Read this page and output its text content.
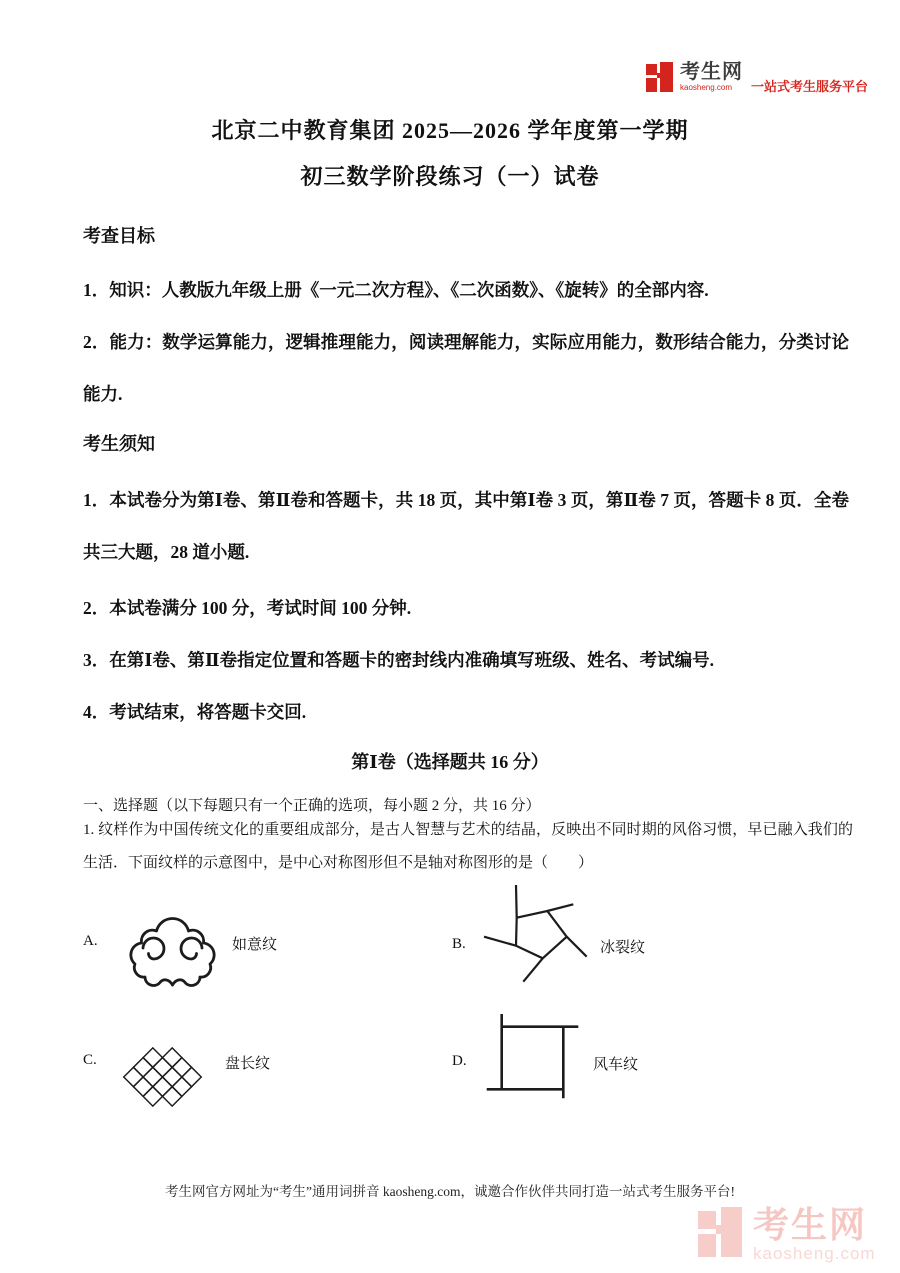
考生网
kaosheng.com	一站式考生服务平台
北京二中教育集团 2025—2026 学年度第一学期
初三数学阶段练习（一）试卷
考查目标
1．知识：人教版九年级上册《一元二次方程》、《二次函数》、《旋转》的全部内容.
2．能力：数学运算能力，逻辑推理能力，阅读理解能力，实际应用能力，数形结合能力，分类讨论能力.
考生须知
1．本试卷分为第Ⅰ卷、第Ⅱ卷和答题卡，共 18 页，其中第Ⅰ卷 3 页，第Ⅱ卷 7 页，答题卡 8 页．全卷共三大题，28 道小题.
2．本试卷满分 100 分，考试时间 100 分钟.
3．在第Ⅰ卷、第Ⅱ卷指定位置和答题卡的密封线内准确填写班级、姓名、考试编号.
4．考试结束，将答题卡交回.
第Ⅰ卷（选择题共 16 分）
一、选择题（以下每题只有一个正确的选项，每小题 2 分，共 16 分）
1. 纹样作为中国传统文化的重要组成部分，是古人智慧与艺术的结晶，反映出不同时期的风俗习惯，早已融入我们的生活．下面纹样的示意图中，是中心对称图形但不是轴对称图形的是（　　）
A.	如意纹	B.	冰裂纹
C.	盘长纹	D.	风车纹
考生网官方网址为“考生”通用词拼音 kaosheng.com，诚邀合作伙伴共同打造一站式考生服务平台!
考生网
kaosheng.com
